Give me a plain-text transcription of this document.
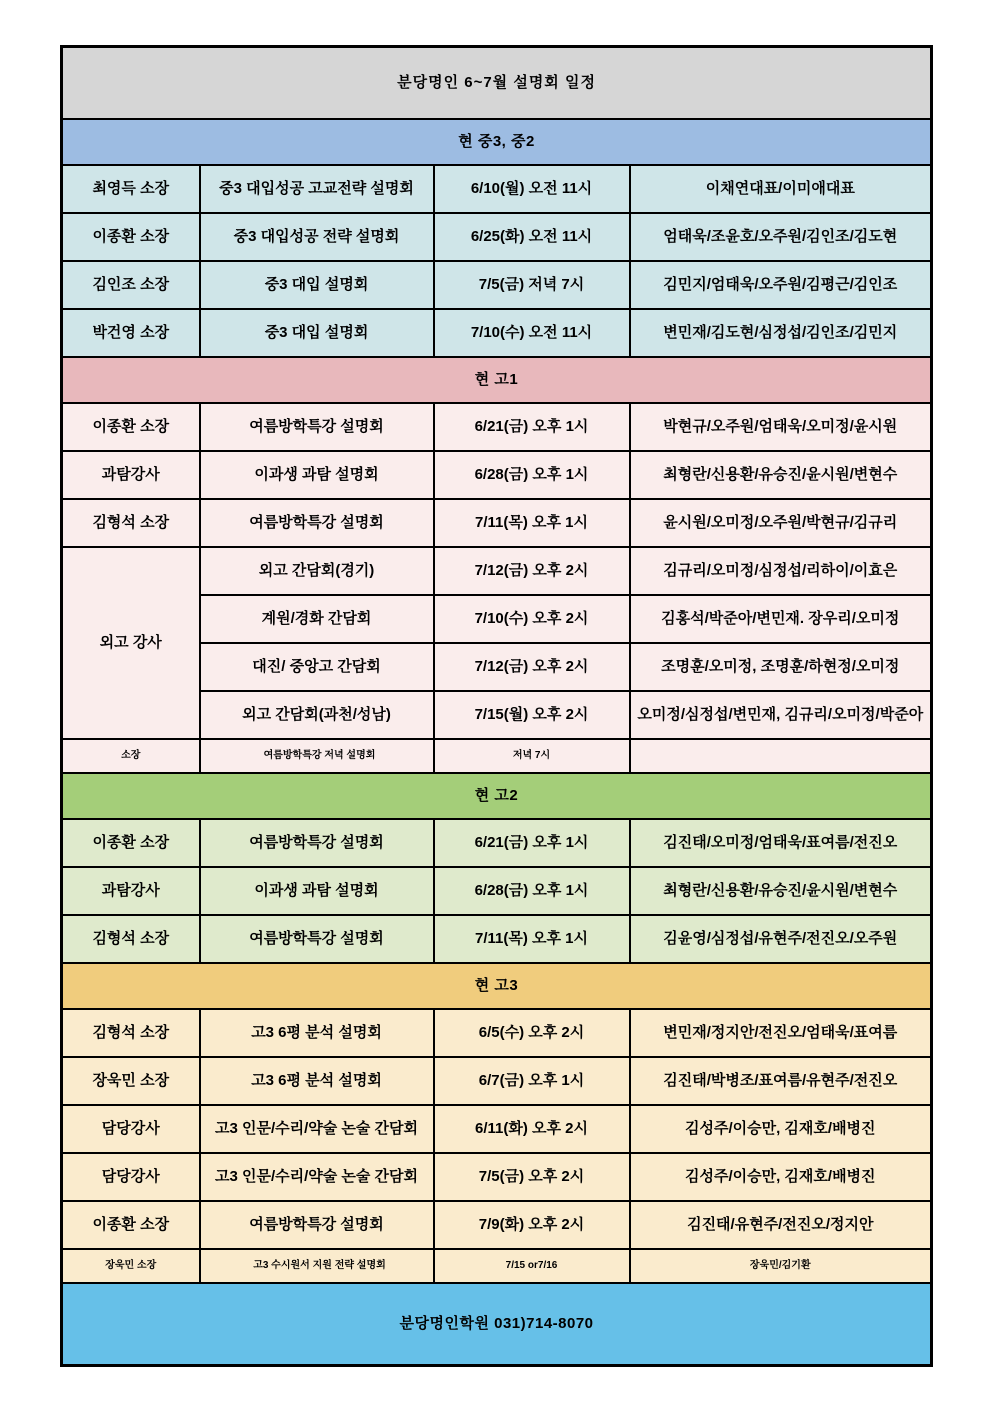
분당명인 6~7월 설명회 일정			
현 중3, 중2			
최영득 소장	중3 대입성공 고교전략 설명회	6/10(월) 오전 11시	이채연대표/이미애대표
이종환 소장	중3 대입성공 전략 설명회	6/25(화) 오전 11시	엄태욱/조윤호/오주원/김인조/김도현
김인조 소장	중3 대입 설명회	7/5(금) 저녁 7시	김민지/엄태욱/오주원/김평근/김인조
박건영 소장	중3 대입 설명회	7/10(수) 오전 11시	변민재/김도현/심정섭/김인조/김민지
현 고1			
이종환 소장	여름방학특강 설명회	6/21(금) 오후 1시	박현규/오주원/엄태욱/오미정/윤시원
과탐강사	이과생 과탐 설명회	6/28(금) 오후 1시	최형란/신용환/유승진/윤시원/변현수
김형석 소장	여름방학특강 설명회	7/11(목) 오후 1시	윤시원/오미정/오주원/박현규/김규리
외고 강사	외고 간담회(경기)	7/12(금) 오후 2시	김규리/오미정/심정섭/리하이/이효은
	계원/경화 간담회	7/10(수) 오후 2시	김홍석/박준아/변민재. 장우리/오미정
	대진/ 중앙고 간담회	7/12(금) 오후 2시	조명훈/오미정, 조명훈/하현정/오미정
	외고 간담회(과천/성남)	7/15(월) 오후 2시	오미정/심정섭/변민재, 김규리/오미정/박준아
소장	여름방학특강 저녁 설명회	저녁 7시	
현 고2			
이종환 소장	여름방학특강 설명회	6/21(금) 오후 1시	김진태/오미정/엄태욱/표여름/전진오
과탐강사	이과생 과탐 설명회	6/28(금) 오후 1시	최형란/신용환/유승진/윤시원/변현수
김형석 소장	여름방학특강 설명회	7/11(목) 오후 1시	김윤영/심정섭/유현주/전진오/오주원
현 고3			
김형석 소장	고3 6평 분석 설명회	6/5(수) 오후 2시	변민재/정지안/전진오/엄태욱/표여름
장욱민 소장	고3 6평 분석 설명회	6/7(금) 오후 1시	김진태/박병조/표여름/유현주/전진오
담당강사	고3 인문/수리/약술 논술 간담회	6/11(화) 오후 2시	김성주/이승만, 김재호/배병진
담당강사	고3 인문/수리/약술 논술 간담회	7/5(금) 오후 2시	김성주/이승만, 김재호/배병진
이종환 소장	여름방학특강 설명회	7/9(화) 오후 2시	김진태/유현주/전진오/정지안
장욱민 소장	고3 수시원서 지원 전략 설명회	7/15 or7/16	장욱민/김기환
분당명인학원 031)714-8070			
